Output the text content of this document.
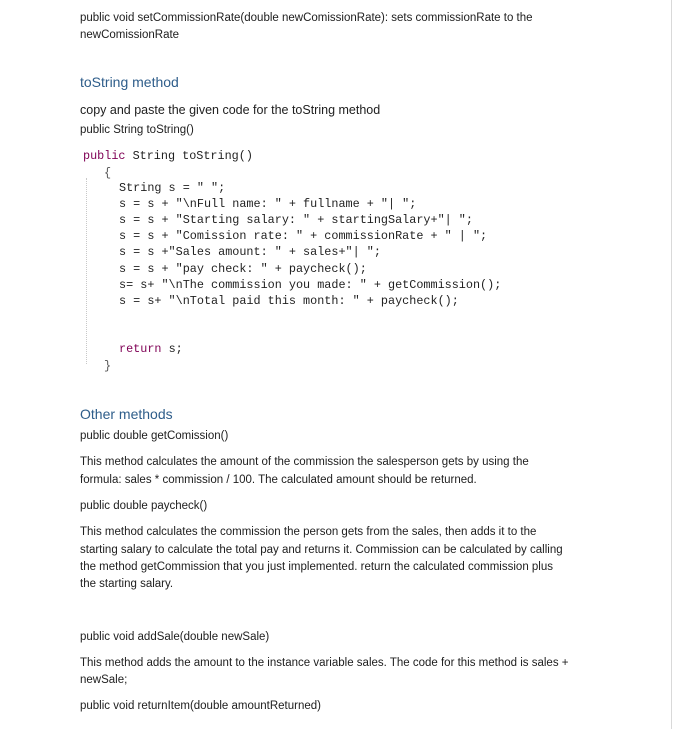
public void setCommissionRate(double newComissionRate): sets commissionRate to the
newComissionRate
toString method
copy and paste the given code for the toString method
public String toString()
public String toString()
{
String s = " ";
s = s + "\nFull name: " + fullname + "| ";
s = s + "Starting salary: " + startingSalary+"| ";
s = s + "Comission rate: " + commissionRate + " | ";
s = s +"Sales amount: " + sales+"| ";
s = s + "pay check: " + paycheck();
s= s+ "\nThe commission you made: " + getCommission();
s = s+ "\nTotal paid this month: " + paycheck();
return s;
}
Other methods
public double getComission()
This method calculates the amount of the commission the salesperson gets by using the
formula: sales * commission / 100. The calculated amount should be returned.
public double paycheck()
This method calculates the commission the person gets from the sales, then adds it to the
starting salary to calculate the total pay and returns it. Commission can be calculated by calling
the method getCommission that you just implemented. return the calculated commission plus
the starting salary.
public void addSale(double newSale)
This method adds the amount to the instance variable sales. The code for this method is sales +
newSale;
public void returnItem(double amountReturned)
